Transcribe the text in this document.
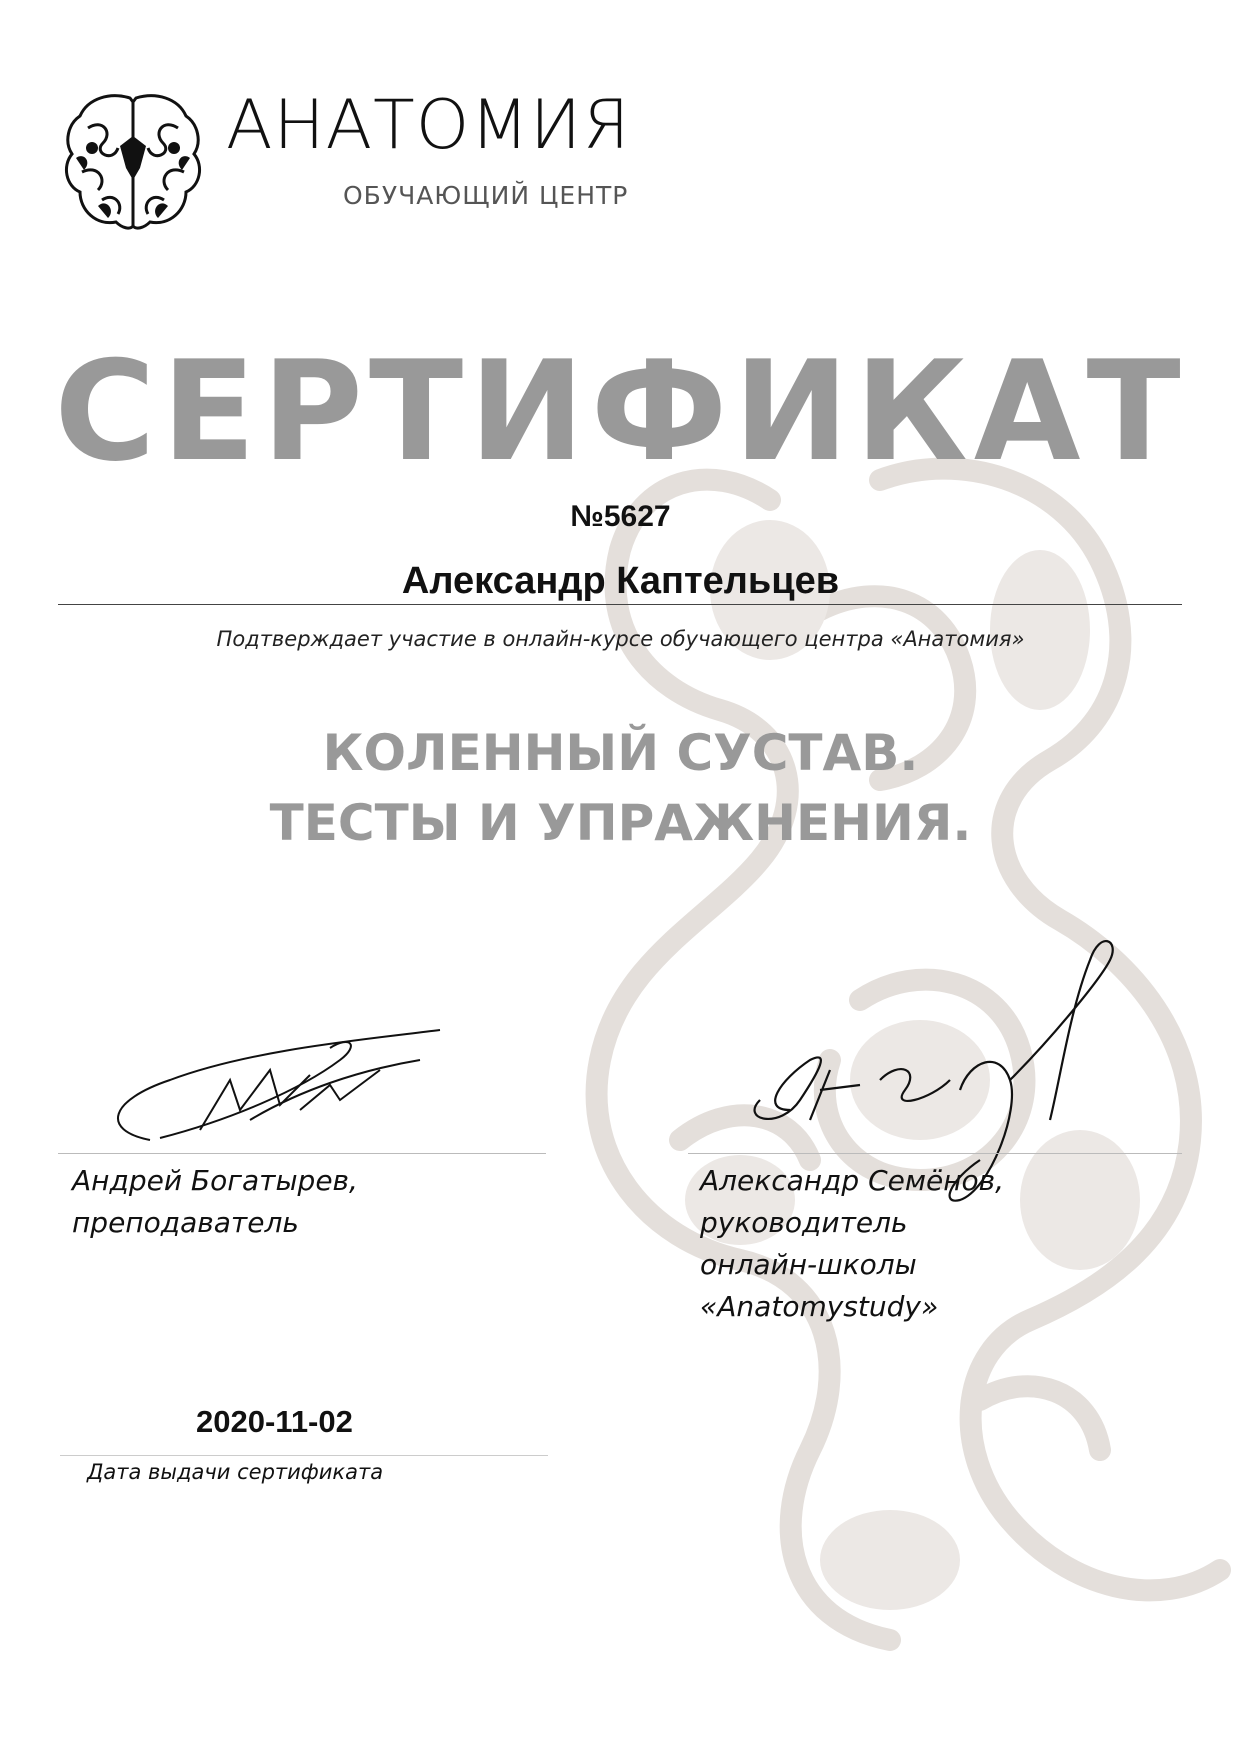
АНАТОМИЯ
ОБУЧАЮЩИЙ ЦЕНТР
СЕРТИФИКАТ
№5627
Александр Каптельцев
Подтверждает участие в онлайн-курсе обучающего центра «Анатомия»
КОЛЕННЫЙ СУСТАВ.
ТЕСТЫ И УПРАЖНЕНИЯ.
Андрей Богатырев,
преподаватель
Александр Семёнов,
руководитель
онлайн-школы
«Anatomystudy»
2020-11-02
Дата выдачи сертификата
